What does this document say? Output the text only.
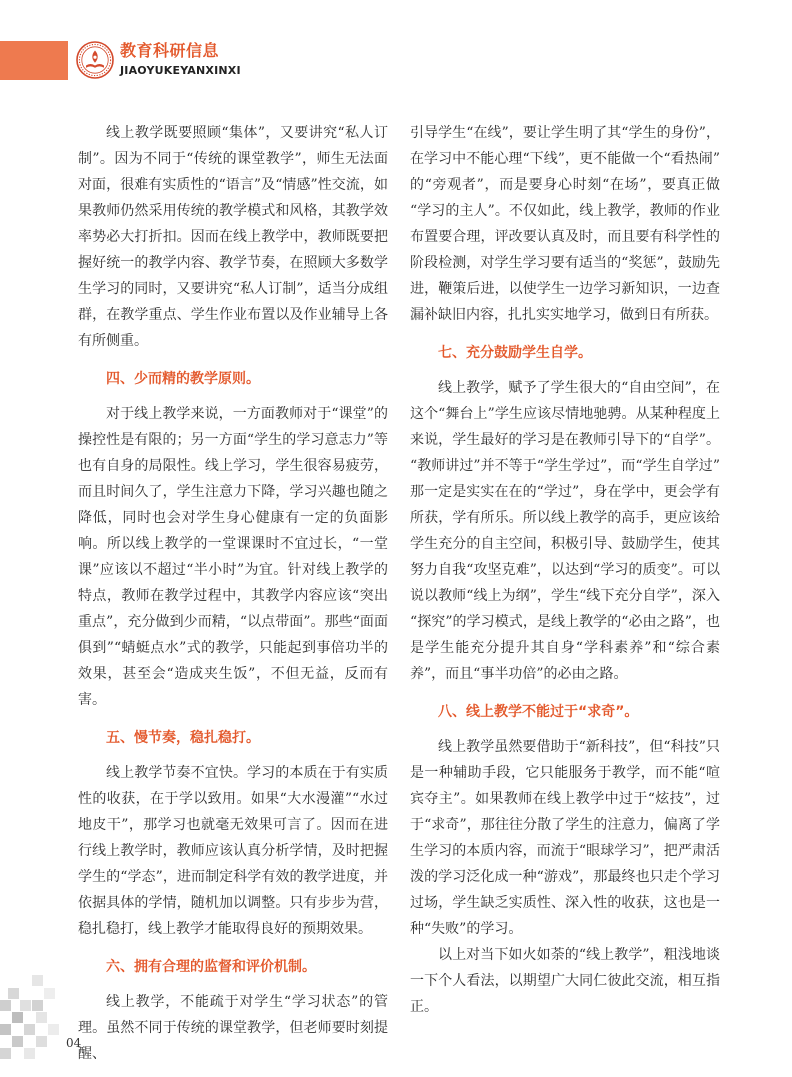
教育科研信息
JIAOYUKEYANXINXI

线上教学既要照顾“集体”，又要讲究“私人订制”。因为不同于“传统的课堂教学”，师生无法面对面，很难有实质性的“语言”及“情感”性交流，如果教师仍然采用传统的教学模式和风格，其教学效率势必大打折扣。因而在线上教学中，教师既要把握好统一的教学内容、教学节奏，在照顾大多数学生学习的同时，又要讲究“私人订制”，适当分成组群，在教学重点、学生作业布置以及作业辅导上各有所侧重。

四、少而精的教学原则。

对于线上教学来说，一方面教师对于“课堂”的操控性是有限的；另一方面“学生的学习意志力”等也有自身的局限性。线上学习，学生很容易疲劳，而且时间久了，学生注意力下降，学习兴趣也随之降低，同时也会对学生身心健康有一定的负面影响。所以线上教学的一堂课课时不宜过长，“一堂课”应该以不超过“半小时”为宜。针对线上教学的特点，教师在教学过程中，其教学内容应该“突出重点”，充分做到少而精，“以点带面”。那些“面面俱到”“蜻蜓点水”式的教学，只能起到事倍功半的效果，甚至会“造成夹生饭”，不但无益，反而有害。

五、慢节奏，稳扎稳打。

线上教学节奏不宜快。学习的本质在于有实质性的收获，在于学以致用。如果“大水漫灌”“水过地皮干”，那学习也就毫无效果可言了。因而在进行线上教学时，教师应该认真分析学情，及时把握学生的“学态”，进而制定科学有效的教学进度，并依据具体的学情，随机加以调整。只有步步为营，稳扎稳打，线上教学才能取得良好的预期效果。

六、拥有合理的监督和评价机制。

线上教学，不能疏于对学生“学习状态”的管理。虽然不同于传统的课堂教学，但老师要时刻提醒、

引导学生“在线”，要让学生明了其“学生的身份”，在学习中不能心理“下线”，更不能做一个“看热闹”的“旁观者”，而是要身心时刻“在场”，要真正做“学习的主人”。不仅如此，线上教学，教师的作业布置要合理，评改要认真及时，而且要有科学性的阶段检测，对学生学习要有适当的“奖惩”，鼓励先进，鞭策后进，以使学生一边学习新知识，一边查漏补缺旧内容，扎扎实实地学习，做到日有所获。

七、充分鼓励学生自学。

线上教学，赋予了学生很大的“自由空间”，在这个“舞台上”学生应该尽情地驰骋。从某种程度上来说，学生最好的学习是在教师引导下的“自学”。“教师讲过”并不等于“学生学过”，而“学生自学过”那一定是实实在在的“学过”，身在学中，更会学有所获，学有所乐。所以线上教学的高手，更应该给学生充分的自主空间，积极引导、鼓励学生，使其努力自我“攻坚克难”，以达到“学习的质变”。可以说以教师“线上为纲”，学生“线下充分自学”，深入“探究”的学习模式，是线上教学的“必由之路”，也是学生能充分提升其自身“学科素养”和“综合素养”，而且“事半功倍”的必由之路。

八、线上教学不能过于“求奇”。

线上教学虽然要借助于“新科技”，但“科技”只是一种辅助手段，它只能服务于教学，而不能“喧宾夺主”。如果教师在线上教学中过于“炫技”，过于“求奇”，那往往分散了学生的注意力，偏离了学生学习的本质内容，而流于“眼球学习”，把严肃活泼的学习泛化成一种“游戏”，那最终也只走个学习过场，学生缺乏实质性、深入性的收获，这也是一种“失败”的学习。

以上对当下如火如荼的“线上教学”，粗浅地谈一下个人看法，以期望广大同仁彼此交流，相互指正。

04
